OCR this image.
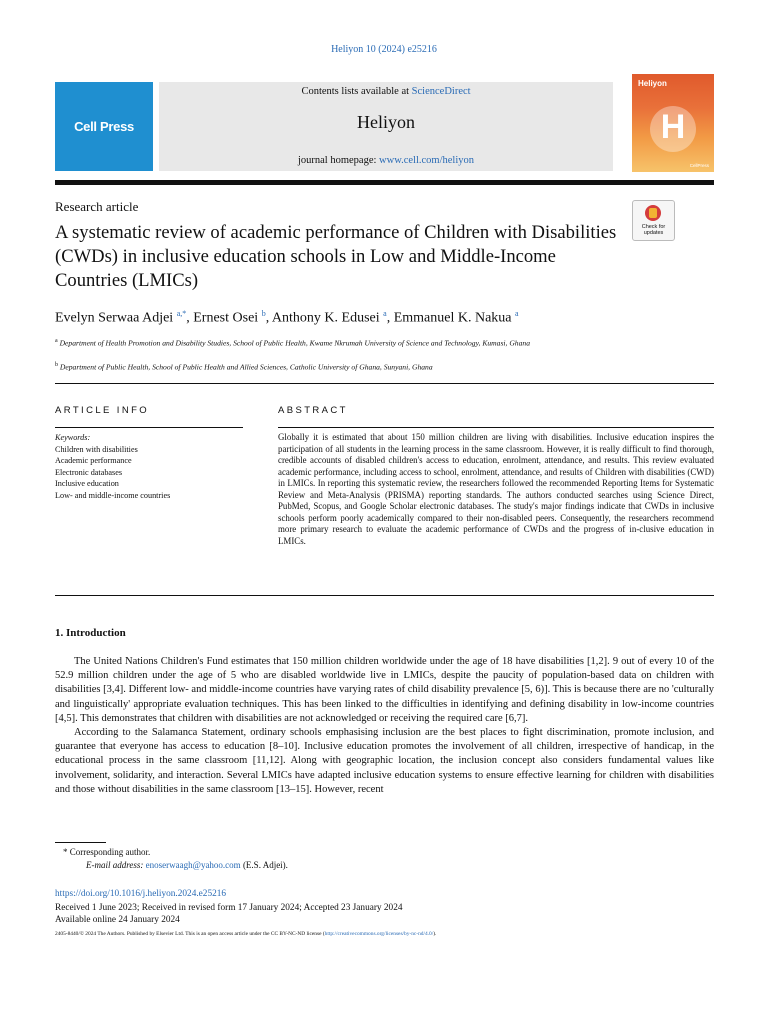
Heliyon 10 (2024) e25216
Cell Press
Contents lists available at ScienceDirect
Heliyon
journal homepage: www.cell.com/heliyon
Heliyon
H
CellPress
Research article
A systematic review of academic performance of Children with Disabilities (CWDs) in inclusive education schools in Low and Middle-Income Countries (LMICs)
Check for updates
Evelyn Serwaa Adjei $^{a,*}$, Ernest Osei $^b$, Anthony K. Edusei $^a$, Emmanuel K. Nakua $^a$
$^a$ Department of Health Promotion and Disability Studies, School of Public Health, Kwame Nkrumah University of Science and Technology, Kumasi, Ghana
$^b$ Department of Public Health, School of Public Health and Allied Sciences, Catholic University of Ghana, Sunyani, Ghana
ARTICLE INFO	ABSTRACT
Keywords:
Children with disabilities
Academic performance
Electronic databases
Inclusive education
Low- and middle-income countries
Globally it is estimated that about 150 million children are living with disabilities. Inclusive education inspires the participation of all students in the learning process in the same classroom. However, it is really difficult to find thorough, credible accounts of disabled children's access to education, enrolment, attendance, and results. This review evaluated academic performance, including access to school, enrolment, attendance, and results of Children with disabilities (CWD) in LMICs. In reporting this systematic review, the researchers followed the recommended Reporting Items for Systematic Review and Meta-Analysis (PRISMA) reporting standards. The authors conducted searches using Science Direct, PubMed, Scopus, and Google Scholar electronic databases. The study's major findings indicate that CWDs in inclusive schools perform poorly academically compared to their non-disabled peers. Consequently, the researchers recommend more primary research to evaluate the academic performance of CWDs and the progress of in-clusive education in LMICs.
1. Introduction

The United Nations Children's Fund estimates that 150 million children worldwide under the age of 18 have disabilities [1,2]. 9 out of every 10 of the 52.9 million children under the age of 5 who are disabled worldwide live in LMICs, despite the paucity of population-based data on children with disabilities [3,4]. Different low- and middle-income countries have varying rates of child disability prevalence [5, 6)]. This is because there are no 'culturally and linguistically' appropriate evaluation techniques. This has been linked to the difficulties in identifying and defining disability in low-income countries [4,5]. This demonstrates that children with disabilities are not acknowledged or receiving the required care [6,7].

According to the Salamanca Statement, ordinary schools emphasising inclusion are the best places to fight discrimination, promote inclusion, and guarantee that everyone has access to education [8–10]. Inclusive education promotes the involvement of all children, irrespective of handicap, in the educational process in the same classroom [11,12]. Along with geographic location, the inclusion concept also considers fundamental values like involvement, solidarity, and interaction. Several LMICs have adapted inclusive education systems to ensure effective learning for children with disabilities and those without disabilities in the same classroom [13–15]. However, recent

* Corresponding author.
E-mail address: enoserwaagh@yahoo.com (E.S. Adjei).
https://doi.org/10.1016/j.heliyon.2024.e25216
Received 1 June 2023; Received in revised form 17 January 2024; Accepted 23 January 2024
Available online 24 January 2024
2405-8440/© 2024 The Authors. Published by Elsevier Ltd. This is an open access article under the CC BY-NC-ND license (http://creativecommons.org/licenses/by-nc-nd/4.0/).
